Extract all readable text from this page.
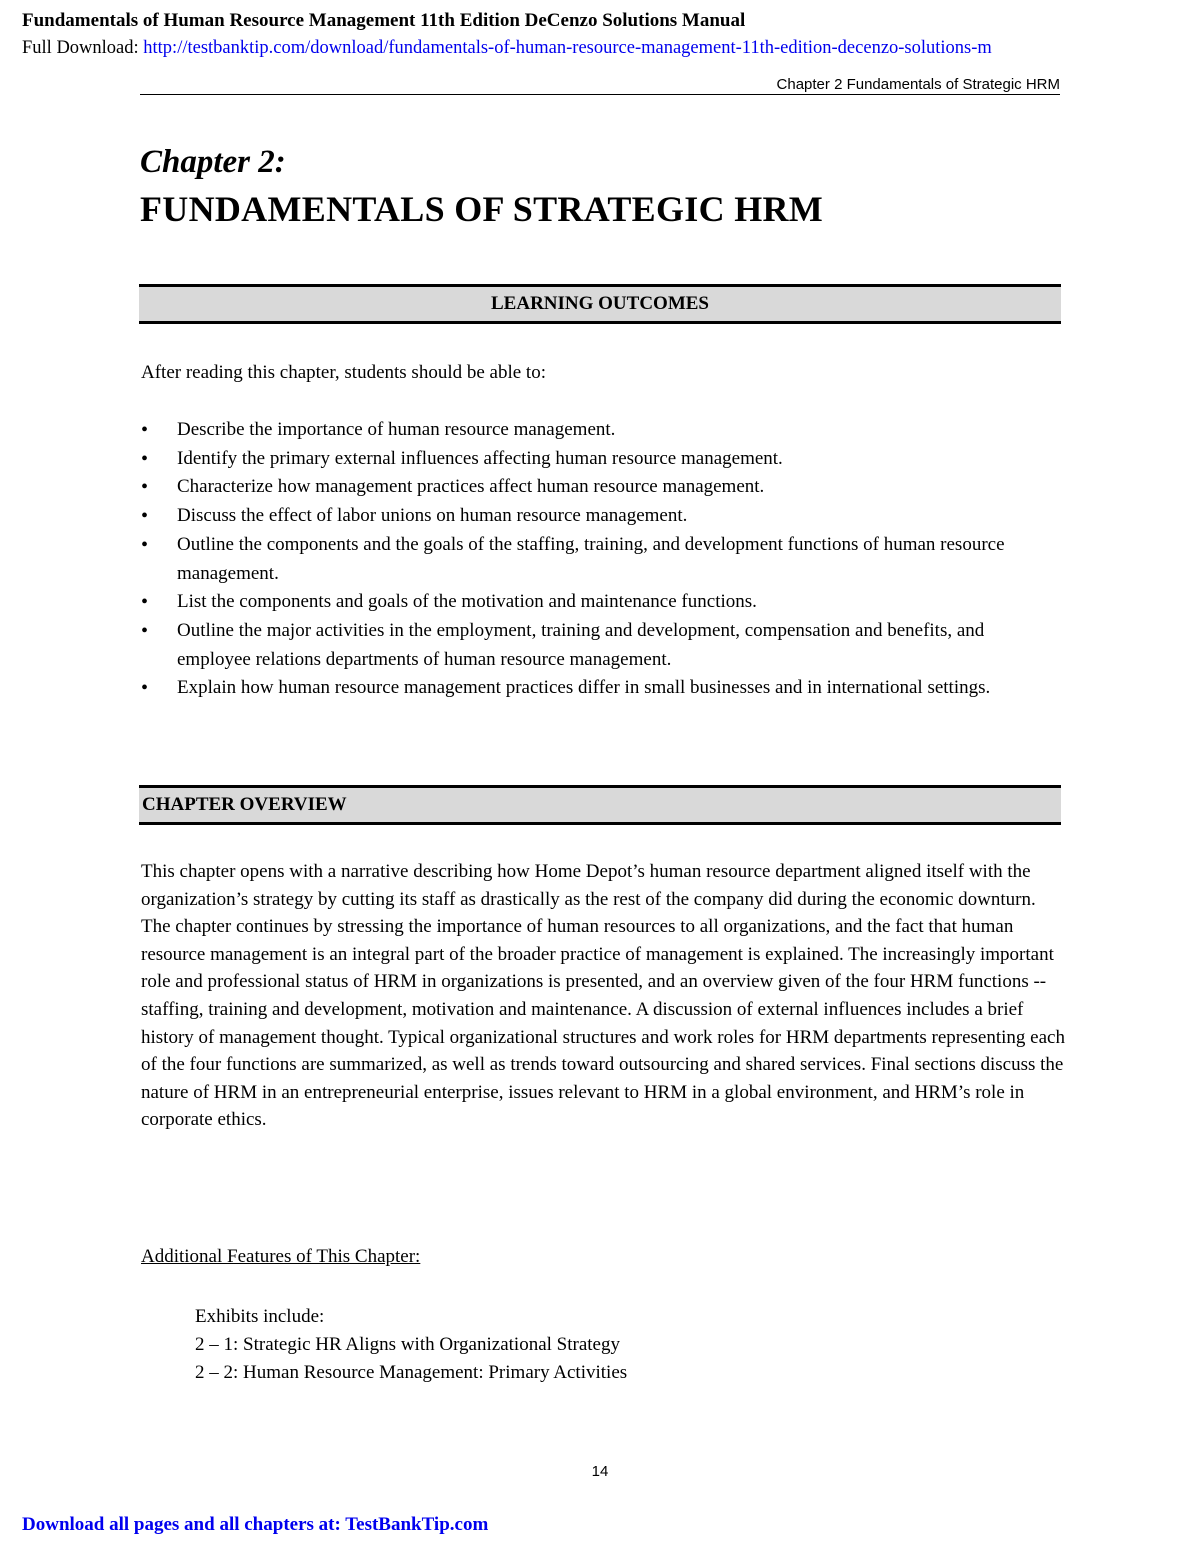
Fundamentals of Human Resource Management 11th Edition DeCenzo Solutions Manual
Full Download: http://testbanktip.com/download/fundamentals-of-human-resource-management-11th-edition-decenzo-solutions-m
Chapter 2 Fundamentals of Strategic HRM
Chapter 2:
FUNDAMENTALS OF STRATEGIC HRM
LEARNING OUTCOMES
After reading this chapter, students should be able to:
• Describe the importance of human resource management.
• Identify the primary external influences affecting human resource management.
• Characterize how management practices affect human resource management.
• Discuss the effect of labor unions on human resource management.
• Outline the components and the goals of the staffing, training, and development functions of human resource management.
• List the components and goals of the motivation and maintenance functions.
• Outline the major activities in the employment, training and development, compensation and benefits, and employee relations departments of human resource management.
• Explain how human resource management practices differ in small businesses and in international settings.
CHAPTER OVERVIEW
This chapter opens with a narrative describing how Home Depot’s human resource department aligned itself with the organization’s strategy by cutting its staff as drastically as the rest of the company did during the economic downturn. The chapter continues by stressing the importance of human resources to all organizations, and the fact that human resource management is an integral part of the broader practice of management is explained. The increasingly important role and professional status of HRM in organizations is presented, and an overview given of the four HRM functions -- staffing, training and development, motivation and maintenance. A discussion of external influences includes a brief history of management thought. Typical organizational structures and work roles for HRM departments representing each of the four functions are summarized, as well as trends toward outsourcing and shared services. Final sections discuss the nature of HRM in an entrepreneurial enterprise, issues relevant to HRM in a global environment, and HRM’s role in corporate ethics.
Additional Features of This Chapter:
Exhibits include:
2 – 1: Strategic HR Aligns with Organizational Strategy
2 – 2: Human Resource Management: Primary Activities
14
Download all pages and all chapters at: TestBankTip.com
